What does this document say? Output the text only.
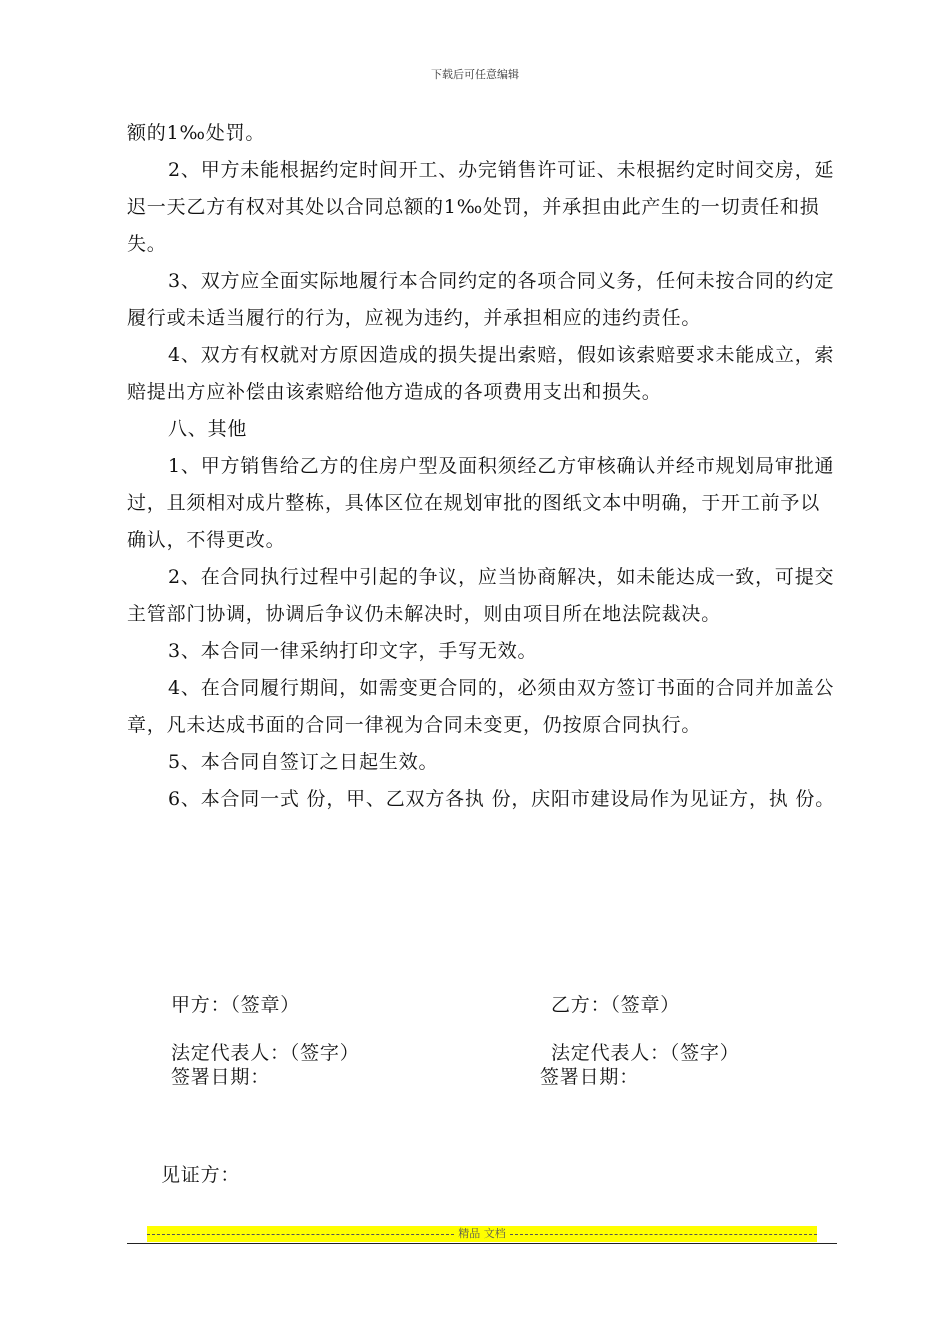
下载后可任意编辑

额的1‰处罚。

2、甲方未能根据约定时间开工、办完销售许可证、未根据约定时间交房，延迟一天乙方有权对其处以合同总额的1‰处罚，并承担由此产生的一切责任和损失。

3、双方应全面实际地履行本合同约定的各项合同义务，任何未按合同的约定履行或未适当履行的行为，应视为违约，并承担相应的违约责任。

4、双方有权就对方原因造成的损失提出索赔，假如该索赔要求未能成立，索赔提出方应补偿由该索赔给他方造成的各项费用支出和损失。

八、其他

1、甲方销售给乙方的住房户型及面积须经乙方审核确认并经市规划局审批通过，且须相对成片整栋，具体区位在规划审批的图纸文本中明确，于开工前予以确认，不得更改。

2、在合同执行过程中引起的争议，应当协商解决，如未能达成一致，可提交主管部门协调，协调后争议仍未解决时，则由项目所在地法院裁决。

3、本合同一律采纳打印文字，手写无效。

4、在合同履行期间，如需变更合同的，必须由双方签订书面的合同并加盖公章，凡未达成书面的合同一律视为合同未变更，仍按原合同执行。

5、本合同自签订之日起生效。

6、本合同一式 份，甲、乙双方各执 份，庆阳市建设局作为见证方，执 份。

甲方：（签章）	乙方：（签章）
法定代表人：（签字）	法定代表人：（签字）
签署日期：	签署日期：
见证方：
精品 文档
